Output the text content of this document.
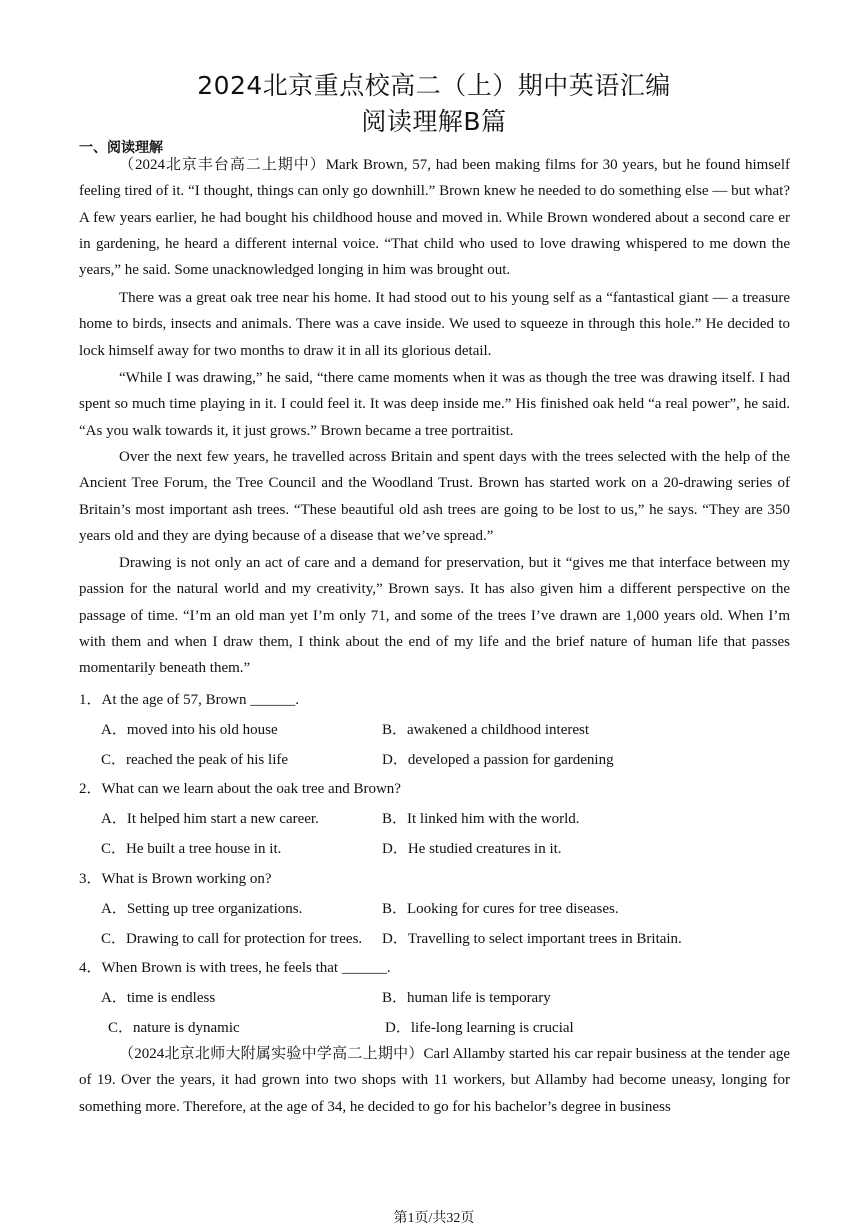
2024北京重点校高二（上）期中英语汇编
阅读理解B篇
一、阅读理解

（2024北京丰台高二上期中）Mark Brown, 57, had been making films for 30 years, but he found himself feeling tired of it. “I thought, things can only go downhill.” Brown knew he needed to do something else — but what? A few years earlier, he had bought his childhood house and moved in. While Brown wondered about a second care er in gardening, he heard a different internal voice. “That child who used to love drawing whispered to me down the years,” he said. Some unacknowledged longing in him was brought out.

There was a great oak tree near his home. It had stood out to his young self as a “fantastical giant — a treasure home to birds, insects and animals. There was a cave inside. We used to squeeze in through this hole.” He decided to lock himself away for two months to draw it in all its glorious detail.

“While I was drawing,” he said, “there came moments when it was as though the tree was drawing itself. I had spent so much time playing in it. I could feel it. It was deep inside me.” His finished oak held “a real power”, he said. “As you walk towards it, it just grows.” Brown became a tree portraitist.

Over the next few years, he travelled across Britain and spent days with the trees selected with the help of the Ancient Tree Forum, the Tree Council and the Woodland Trust. Brown has started work on a 20-drawing series of Britain’s most important ash trees. “These beautiful old ash trees are going to be lost to us,” he says. “They are 350 years old and they are dying because of a disease that we’ve spread.”

Drawing is not only an act of care and a demand for preservation, but it “gives me that interface between my passion for the natural world and my creativity,” Brown says. It has also given him a different perspective on the passage of time. “I’m an old man yet I’m only 71, and some of the trees I’ve drawn are 1,000 years old. When I’m with them and when I draw them, I think about the end of my life and the brief nature of human life that passes momentarily beneath them.”

1．At the age of 57, Brown ______.
A．moved into his old house	B．awakened a childhood interest
C．reached the peak of his life	D．developed a passion for gardening
2．What can we learn about the oak tree and Brown?
A．It helped him start a new career.	B．It linked him with the world.
C．He built a tree house in it.	D．He studied creatures in it.
3．What is Brown working on?
A．Setting up tree organizations.	B．Looking for cures for tree diseases.
C．Drawing to call for protection for trees. D．Travelling to select important trees in Britain.
4．When Brown is with trees, he feels that ______.
A．time is endless	B．human life is temporary
C．nature is dynamic	D．life-long learning is crucial

（2024北京北师大附属实验中学高二上期中）Carl Allamby started his car repair business at the tender age of 19. Over the years, it had grown into two shops with 11 workers, but Allamby had become uneasy, longing for something more. Therefore, at the age of 34, he decided to go for his bachelor’s degree in business

第1页/共32页
